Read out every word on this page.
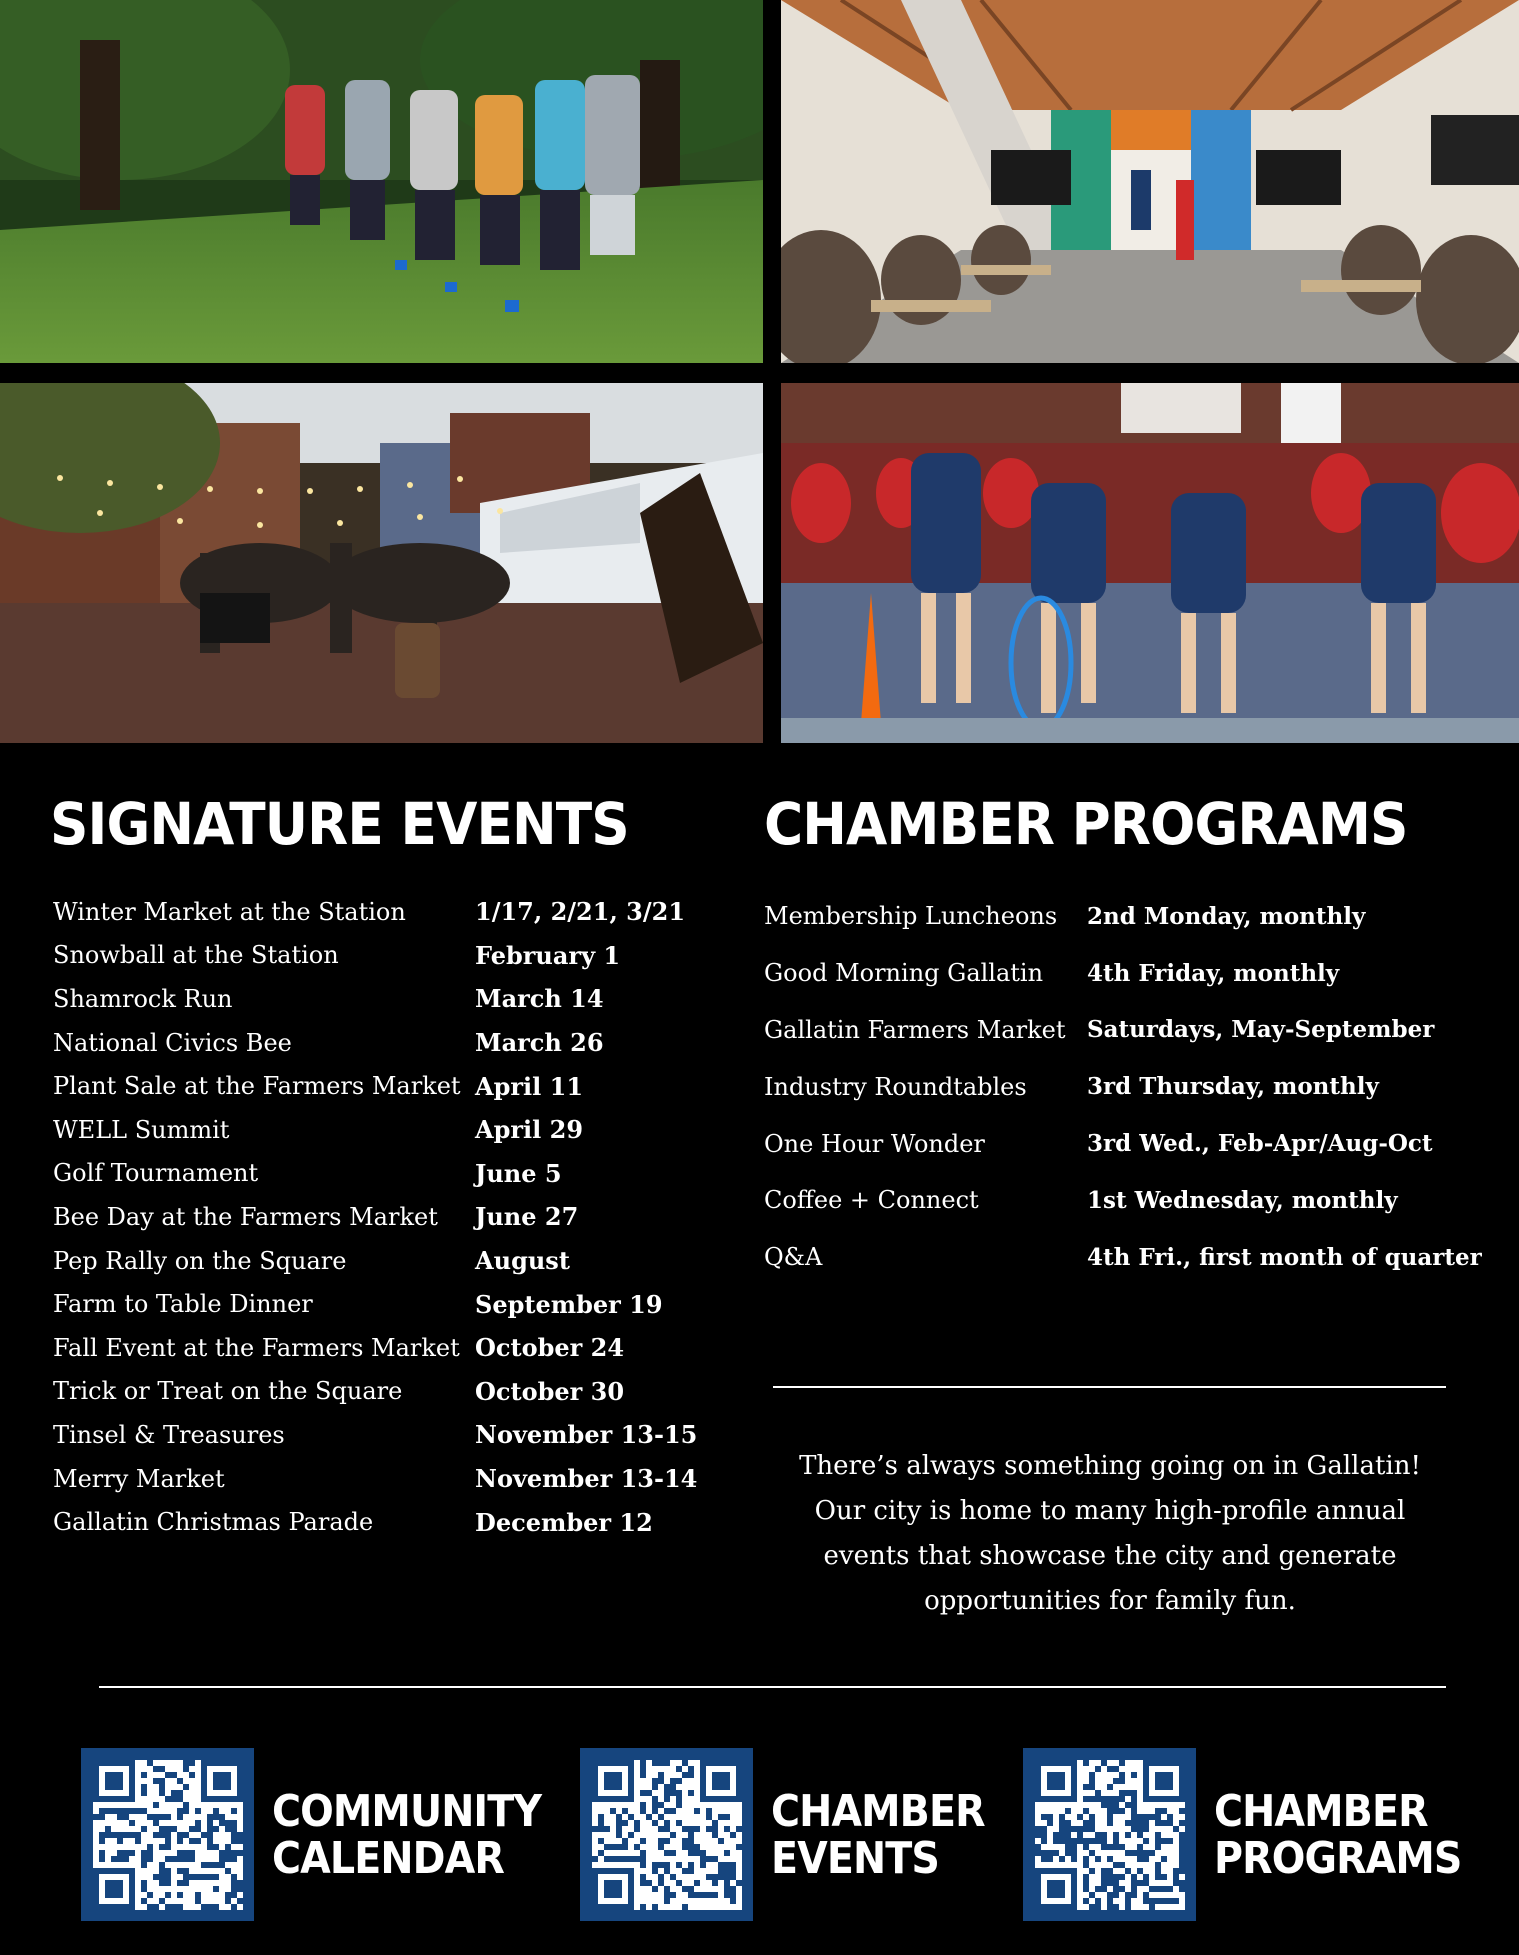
SIGNATURE EVENTS
Winter Market at the Station	1/17, 2/21, 3/21
Snowball at the Station	February 1
Shamrock Run	March 14
National Civics Bee	March 26
Plant Sale at the Farmers Market April 11
WELL Summit	April 29
Golf Tournament	June 5
Bee Day at the Farmers Market	June 27
Pep Rally on the Square	August
Farm to Table Dinner	September 19
Fall Event at the Farmers Market October 24
Trick or Treat on the Square	October 30
Tinsel & Treasures	November 13-15
Merry Market	November 13-14
Gallatin Christmas Parade	December 12
CHAMBER PROGRAMS
Membership Luncheons	2nd Monday, monthly
Good Morning Gallatin	4th Friday, monthly
Gallatin Farmers Market Saturdays, May-September
Industry Roundtables	3rd Thursday, monthly
One Hour Wonder	3rd Wed., Feb-Apr/Aug-Oct
Coffee + Connect	1st Wednesday, monthly
Q&A	4th Fri., first month of quarter

There’s always something going on in Gallatin! Our city is home to many high-profile annual events that showcase the city and generate opportunities for family fun.

COMMUNITY
CALENDAR
CHAMBER
EVENTS
CHAMBER
PROGRAMS
